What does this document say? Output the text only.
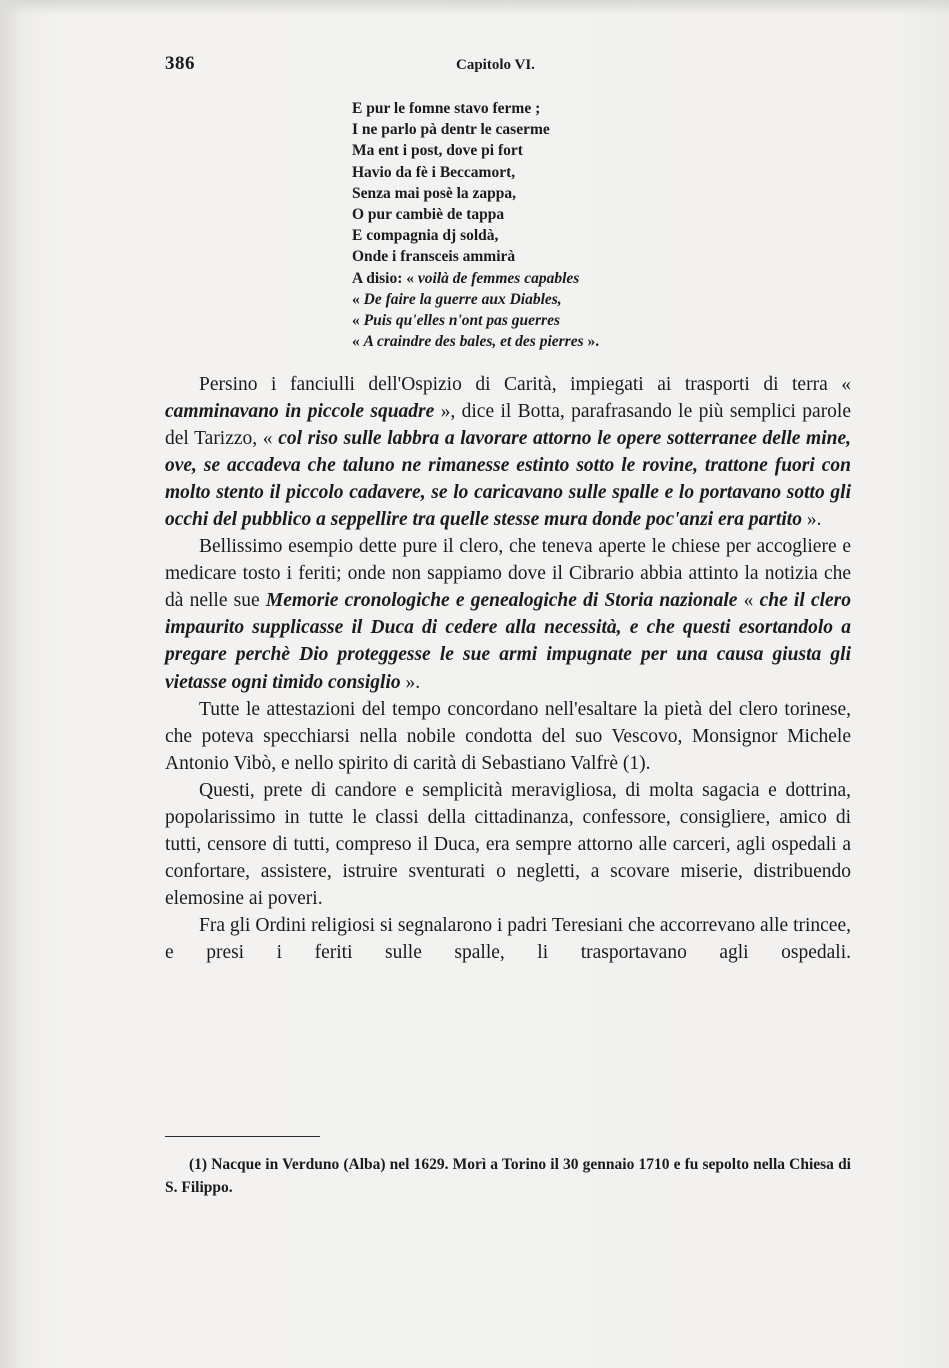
386	Capitolo VI.
E pur le fomne stavo ferme ;
I ne parlo pà dentr le caserme
Ma ent i post, dove pi fort
Havio da fè i Beccamort,
Senza mai posè la zappa,
O pur cambiè de tappa
E compagnia dj soldà,
Onde i fransceis ammirà
A disio: « voilà de femmes capables
« De faire la guerre aux Diables,
« Puis qu'elles n'ont pas guerres
« A craindre des bales, et des pierres ».

Persino i fanciulli dell'Ospizio di Carità, impiegati ai trasporti di terra « camminavano in piccole squadre », dice il Botta, parafrasando le più semplici parole del Tarizzo, « col riso sulle labbra a lavorare attorno le opere sotterranee delle mine, ove, se accadeva che taluno ne rimanesse estinto sotto le rovine, trattone fuori con molto stento il piccolo cadavere, se lo caricavano sulle spalle e lo portavano sotto gli occhi del pubblico a seppellire tra quelle stesse mura donde poc'anzi era partito ».

Bellissimo esempio dette pure il clero, che teneva aperte le chiese per accogliere e medicare tosto i feriti; onde non sappiamo dove il Cibrario abbia attinto la notizia che dà nelle sue Memorie cronologiche e genealogiche di Storia nazionale « che il clero impaurito supplicasse il Duca di cedere alla necessità, e che questi esortandolo a pregare perchè Dio proteggesse le sue armi impugnate per una causa giusta gli vietasse ogni timido consiglio ».

Tutte le attestazioni del tempo concordano nell'esaltare la pietà del clero torinese, che poteva specchiarsi nella nobile condotta del suo Vescovo, Monsignor Michele Antonio Vibò, e nello spirito di carità di Sebastiano Valfrè (1).

Questi, prete di candore e semplicità meravigliosa, di molta sagacia e dottrina, popolarissimo in tutte le classi della cittadinanza, confessore, consigliere, amico di tutti, censore di tutti, compreso il Duca, era sempre attorno alle carceri, agli ospedali a confortare, assistere, istruire sventurati o negletti, a scovare miserie, distribuendo elemosine ai poveri.

Fra gli Ordini religiosi si segnalarono i padri Teresiani che accorrevano alle trincee, e presi i feriti sulle spalle, li trasportavano agli ospedali.

(1) Nacque in Verduno (Alba) nel 1629. Morì a Torino il 30 gennaio 1710 e fu sepolto nella Chiesa di S. Filippo.
